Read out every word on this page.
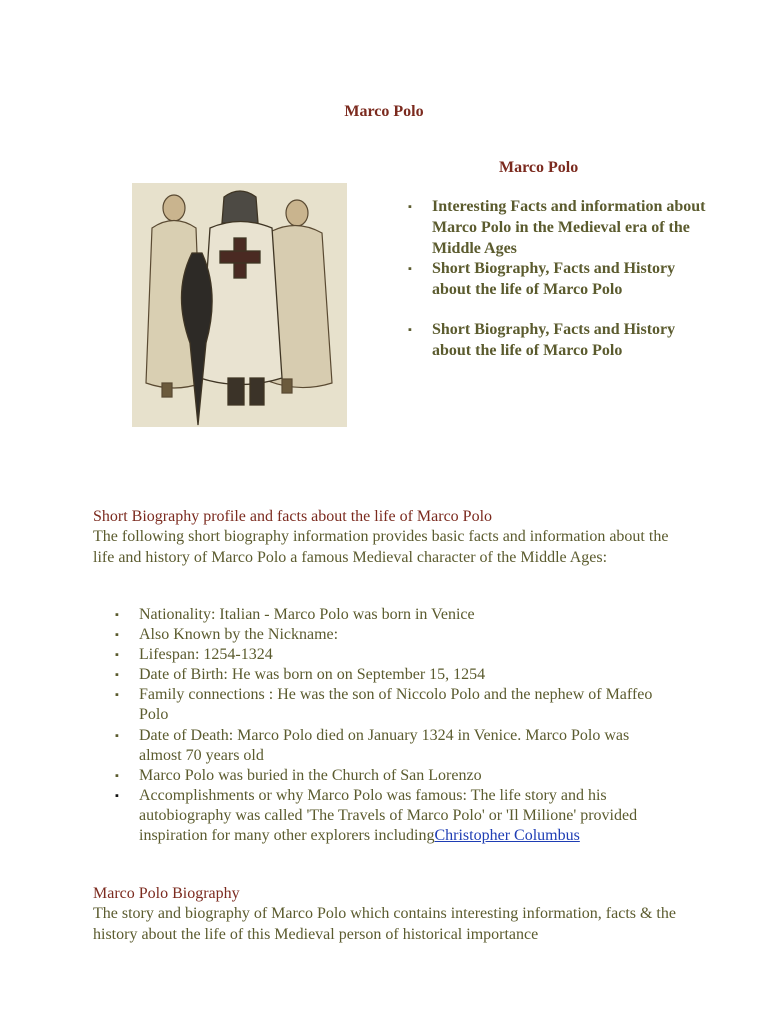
Marco Polo
Marco Polo
▪ Interesting Facts and information about Marco Polo in the Medieval era of the Middle Ages
▪ Short Biography, Facts and History about the life of Marco Polo
▪ Short Biography, Facts and History about the life of Marco Polo
Short Biography profile and facts about the life of Marco Polo
The following short biography information provides basic facts and information about the life and history of Marco Polo a famous Medieval character of the Middle Ages:
▪ Nationality: Italian - Marco Polo was born in Venice
▪ Also Known by the Nickname:
▪ Lifespan: 1254-1324
▪ Date of Birth: He was born on on September 15, 1254
▪ Family connections : He was the son of Niccolo Polo and the nephew of Maffeo Polo
▪ Date of Death: Marco Polo died on January 1324 in Venice. Marco Polo was almost 70 years old
▪ Marco Polo was buried in the Church of San Lorenzo
▪ Accomplishments or why Marco Polo was famous: The life story and his autobiography was called 'The Travels of Marco Polo' or 'Il Milione' provided inspiration for many other explorers includingChristopher Columbus
Marco Polo Biography
The story and biography of Marco Polo which contains interesting information, facts & the history about the life of this Medieval person of historical importance
